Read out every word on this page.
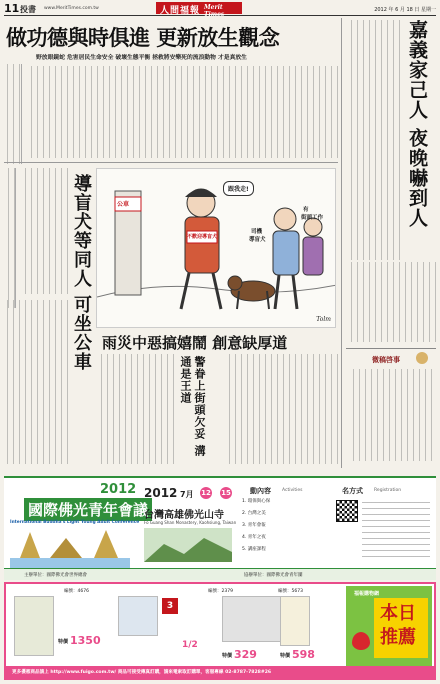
11 投書 www.MeritTimes.com.tw	人間福報 Merit Times
2012 年 6 月 18 日 星期一
做功德與時俱進 更新放生觀念
野放眼鏡蛇 危害居民生命安全 破壞生態平衡 拯救將安樂死的流浪動物 才是真放生	嘉義家己人 夜晚嚇到人
微稿啓事
導盲犬等同人 可坐公車	公車
不歡迎導盲犬
跟我走!
導盲犬
街頭工作
有
司機
Tolm
雨災中惡搞嬉鬧 創意缺厚道
警眷上街頭欠妥 溝通是王道
2012
國際佛光青年會議
International Buddha's Light Young Adult Conference
2012 7月 12 15
台灣高雄佛光山寺
Fo Guang Shan Monastery, Kaohsiung, Taiwan
動內容 Activities
1. 環保與心保
2. 台灣之美
3. 青年會報
4. 青年之夜
5. 講座課程
名方式 Registration
主辦單位：國際佛光會世界總會	協辦單位：國際佛光會青年團
編號：4676
特價 1350
3
1/2
編號：2379
特價 329
編號：5673
特價 598
福報購物網
本日推薦
更多優惠商品請上 http://www.fuigo.com.tw/ 商品可接受傳真訂購，請來電索取訂購單，客服專線 02-8787-7828#26
